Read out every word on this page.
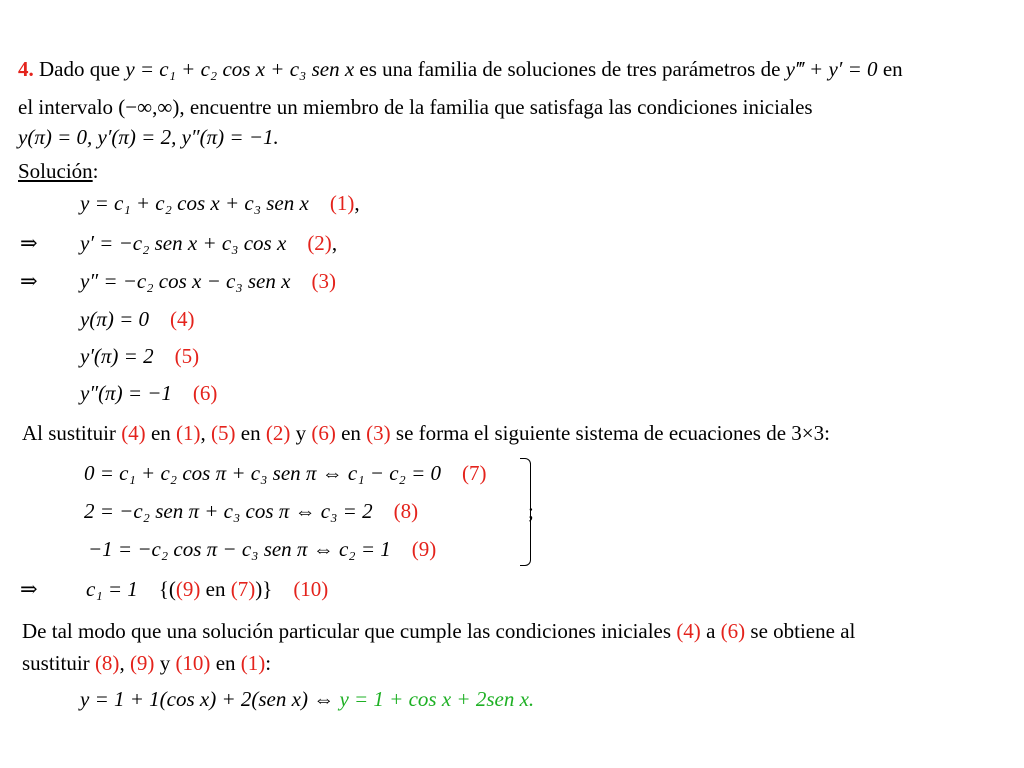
4. Dado que y = c₁ + c₂ cos x + c₃ sen x es una familia de soluciones de tres parámetros de y‴ + y′ = 0 en
el intervalo (−∞,∞), encuentre un miembro de la familia que satisfaga las condiciones iniciales
y(π) = 0, y′(π) = 2, y″(π) = −1.
Solución:
y = c₁ + c₂ cos x + c₃ sen x (1),
⇒ y′ = −c₂ sen x + c₃ cos x (2),
⇒ y″ = −c₂ cos x − c₃ sen x (3)
y(π) = 0 (4)
y′(π) = 2 (5)
y″(π) = −1 (6)
Al sustituir (4) en (1), (5) en (2) y (6) en (3) se forma el siguiente sistema de ecuaciones de 3×3:
0 = c₁ + c₂ cos π + c₃ sen π ⇔ c₁ − c₂ = 0 (7)
2 = −c₂ sen π + c₃ cos π ⇔ c₃ = 2 (8)
−1 = −c₂ cos π − c₃ sen π ⇔ c₂ = 1 (9)
;
⇒ c₁ = 1 {((9) en (7))} (10)
De tal modo que una solución particular que cumple las condiciones iniciales (4) a (6) se obtiene al
sustituir (8), (9) y (10) en (1):
y = 1 + 1(cos x) + 2(sen x) ⇔ y = 1 + cos x + 2sen x.
